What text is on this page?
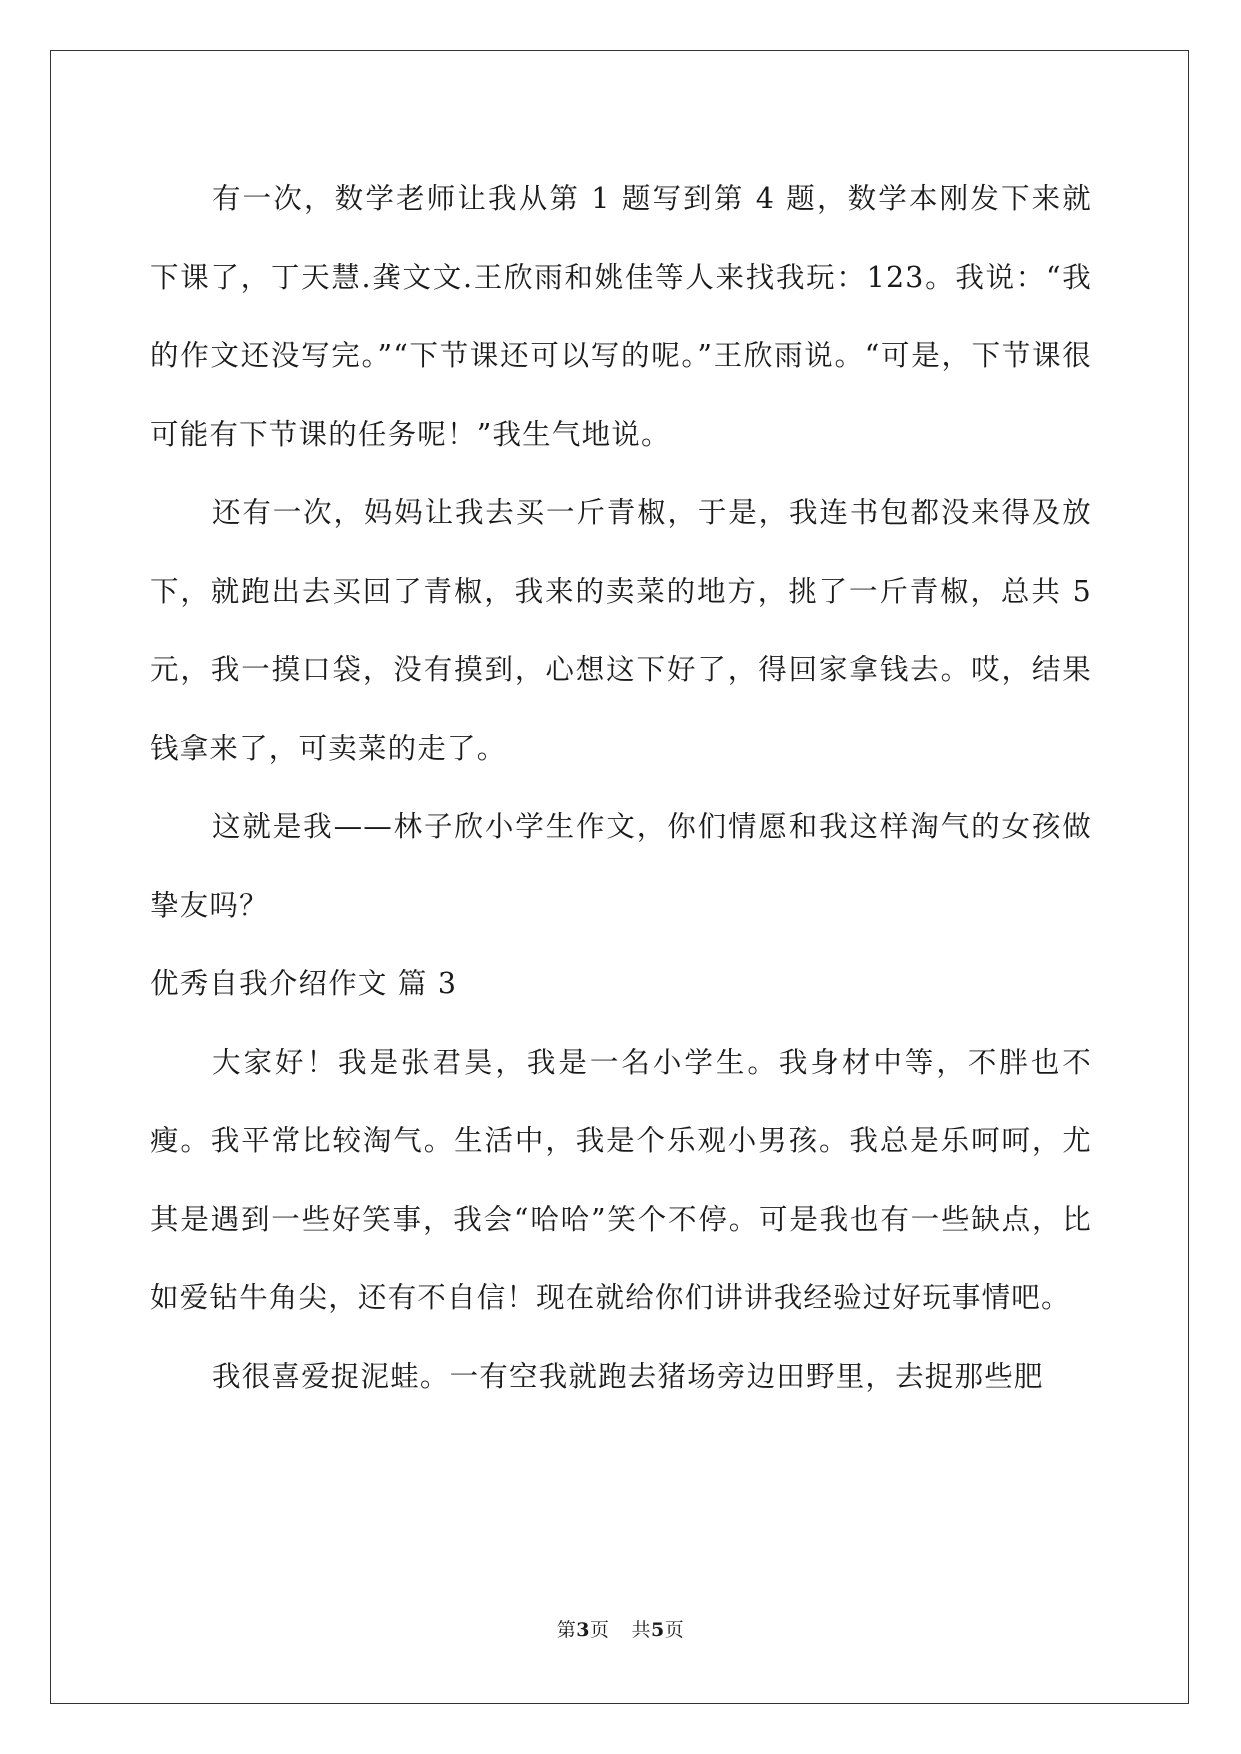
有一次，数学老师让我从第 1 题写到第 4 题，数学本刚发下来就下课了，丁天慧.龚文文.王欣雨和姚佳等人来找我玩：123。我说：“我的作文还没写完。”“下节课还可以写的呢。”王欣雨说。“可是，下节课很可能有下节课的任务呢！”我生气地说。

还有一次，妈妈让我去买一斤青椒，于是，我连书包都没来得及放下，就跑出去买回了青椒，我来的卖菜的地方，挑了一斤青椒，总共 5 元，我一摸口袋，没有摸到，心想这下好了，得回家拿钱去。哎，结果钱拿来了，可卖菜的走了。

这就是我——林子欣小学生作文，你们情愿和我这样淘气的女孩做挚友吗？

优秀自我介绍作文 篇 3

大家好！我是张君昊，我是一名小学生。我身材中等，不胖也不瘦。我平常比较淘气。生活中，我是个乐观小男孩。我总是乐呵呵，尤其是遇到一些好笑事，我会“哈哈”笑个不停。可是我也有一些缺点，比如爱钻牛角尖，还有不自信！现在就给你们讲讲我经验过好玩事情吧。

我很喜爱捉泥蛙。一有空我就跑去猪场旁边田野里，去捉那些肥

第3页 共5页
